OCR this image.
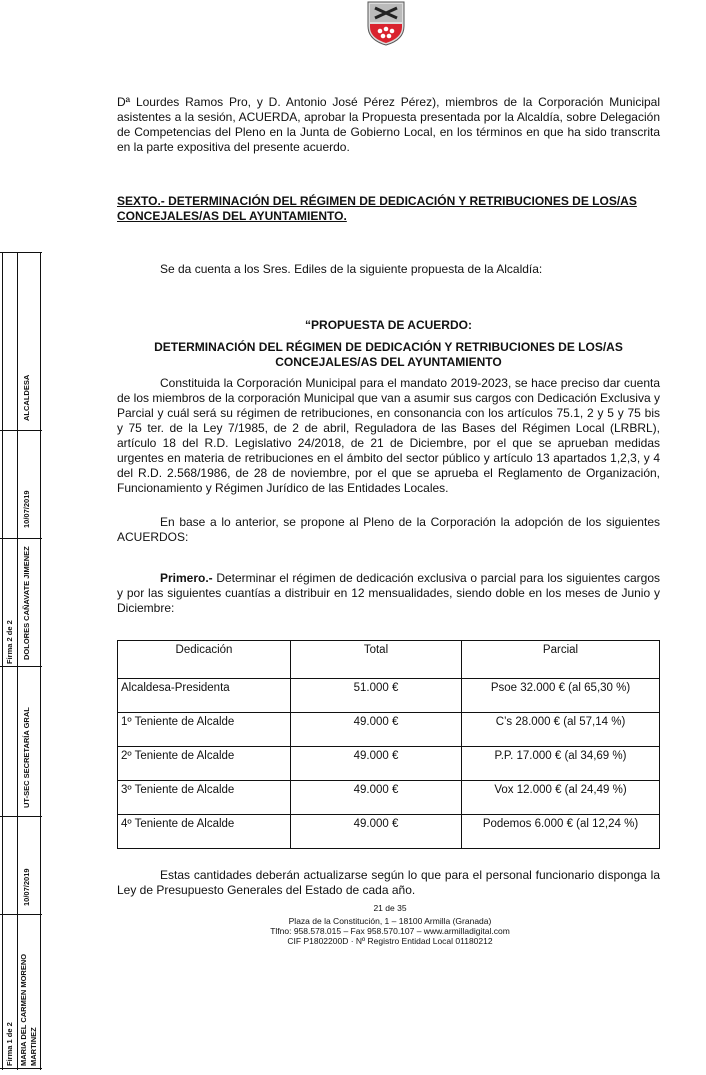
Dª Lourdes Ramos Pro, y D. Antonio José Pérez Pérez), miembros de la Corporación Municipal asistentes a la sesión, ACUERDA, aprobar la Propuesta presentada por la Alcaldía, sobre Delegación de Competencias del Pleno en la Junta de Gobierno Local, en los términos en que ha sido transcrita en la parte expositiva del presente acuerdo.

SEXTO.- DETERMINACIÓN DEL RÉGIMEN DE DEDICACIÓN Y RETRIBUCIONES DE LOS/AS
CONCEJALES/AS DEL AYUNTAMIENTO.

Se da cuenta a los Sres. Ediles de la siguiente propuesta de la Alcaldía:

“PROPUESTA DE ACUERDO:

DETERMINACIÓN DEL RÉGIMEN DE DEDICACIÓN Y RETRIBUCIONES DE LOS/AS
CONCEJALES/AS DEL AYUNTAMIENTO

Constituida la Corporación Municipal para el mandato 2019-2023, se hace preciso dar cuenta de los miembros de la corporación Municipal que van a asumir sus cargos con Dedicación Exclusiva y Parcial y cuál será su régimen de retribuciones, en consonancia con los artículos 75.1, 2 y 5 y 75 bis y 75 ter. de la Ley 7/1985, de 2 de abril, Reguladora de las Bases del Régimen Local (LRBRL), artículo 18 del R.D. Legislativo 24/2018, de 21 de Diciembre, por el que se aprueban medidas urgentes en materia de retribuciones en el ámbito del sector público y artículo 13 apartados 1,2,3, y 4 del R.D. 2.568/1986, de 28 de noviembre, por el que se aprueba el Reglamento de Organización, Funcionamiento y Régimen Jurídico de las Entidades Locales.

En base a lo anterior, se propone al Pleno de la Corporación la adopción de los siguientes ACUERDOS:

Primero.- Determinar el régimen de dedicación exclusiva o parcial para los siguientes cargos y por las siguientes cuantías a distribuir en 12 mensualidades, siendo doble en los meses de Junio y Diciembre:

Dedicación	Total	Parcial
Alcaldesa-Presidenta	51.000 €	Psoe 32.000 € (al 65,30 %)
1º Teniente de Alcalde	49.000 €	C’s 28.000 € (al 57,14 %)
2º Teniente de Alcalde	49.000 €	P.P. 17.000 € (al 34,69 %)
3º Teniente de Alcalde	49.000 €	Vox 12.000 € (al 24,49 %)
4º Teniente de Alcalde	49.000 €	Podemos 6.000 € (al 12,24 %)

Estas cantidades deberán actualizarse según lo que para el personal funcionario disponga la Ley de Presupuesto Generales del Estado de cada año.

21 de 35

Plaza de la Constitución, 1 – 18100 Armilla (Granada)

Tlfno: 958.578.015 – Fax 958.570.107 – www.armilladigital.com

CIF P1802200D · Nº Registro Entidad Local 01180212

Firma 2 de 2
ALCALDESA
10/07/2019
DOLORES CAÑAVATE JIMENEZ
Firma 1 de 2
UT-SEC SECRETARÍA GRAL
10/07/2019
MARIA DEL CARMEN MORENO MARTINEZ
